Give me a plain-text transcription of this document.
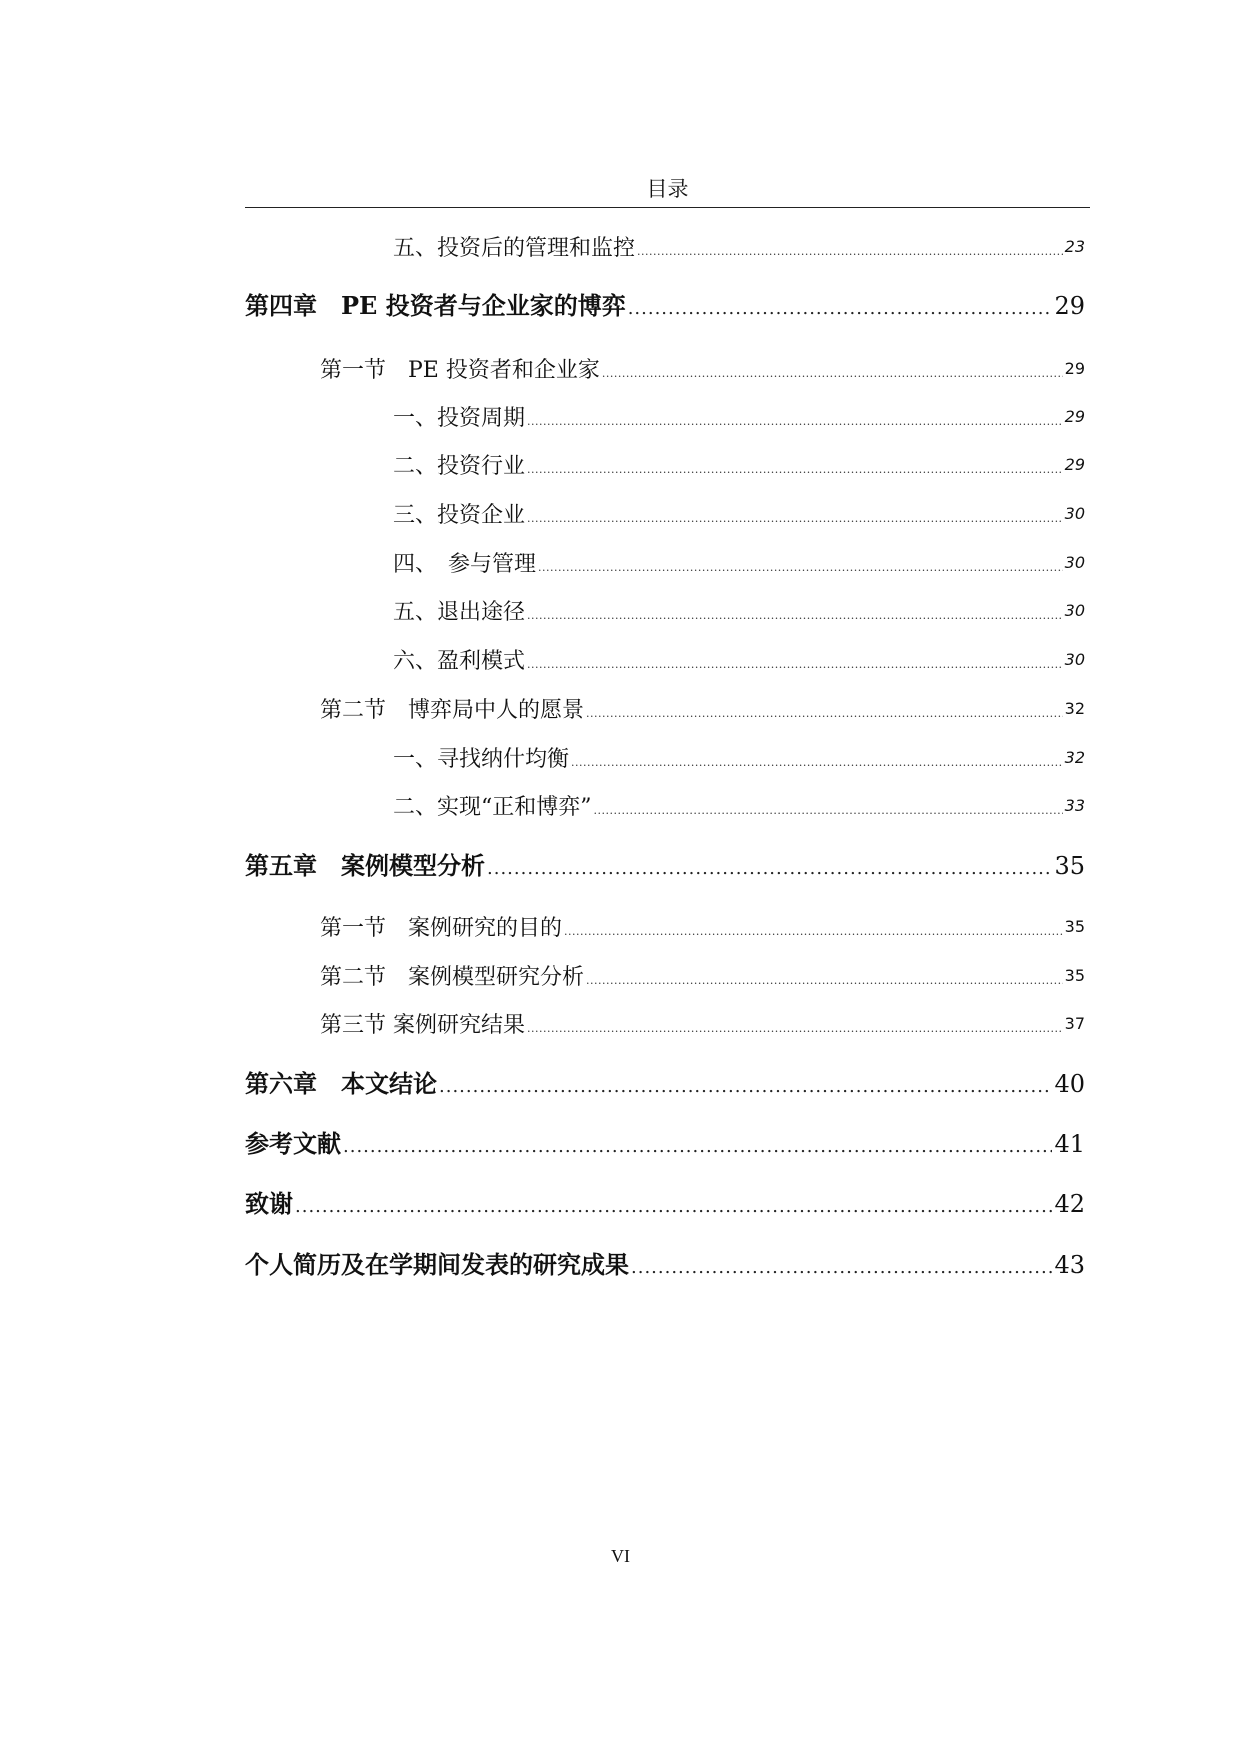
目录
五、投资后的管理和监控 .....	23
第四章　PE 投资者与企业家的博弈 .....	29
第一节　PE 投资者和企业家 .....	29
一、投资周期 .....	29
二、投资行业 .....	29
三、投资企业 .....	30
四、　参与管理 .....	30
五、退出途径 .....	30
六、盈利模式 .....	30
第二节　博弈局中人的愿景 .....	32
一、寻找纳什均衡 .....	32
二、实现“正和博弈” .....	33
第五章　案例模型分析 .....	35
第一节　案例研究的目的 .....	35
第二节　案例模型研究分析 .....	35
第三节 案例研究结果 .....	37
第六章　本文结论 .....	40
参考文献 .....	41
致谢 .....	42
个人简历及在学期间发表的研究成果 .....	43
VI
